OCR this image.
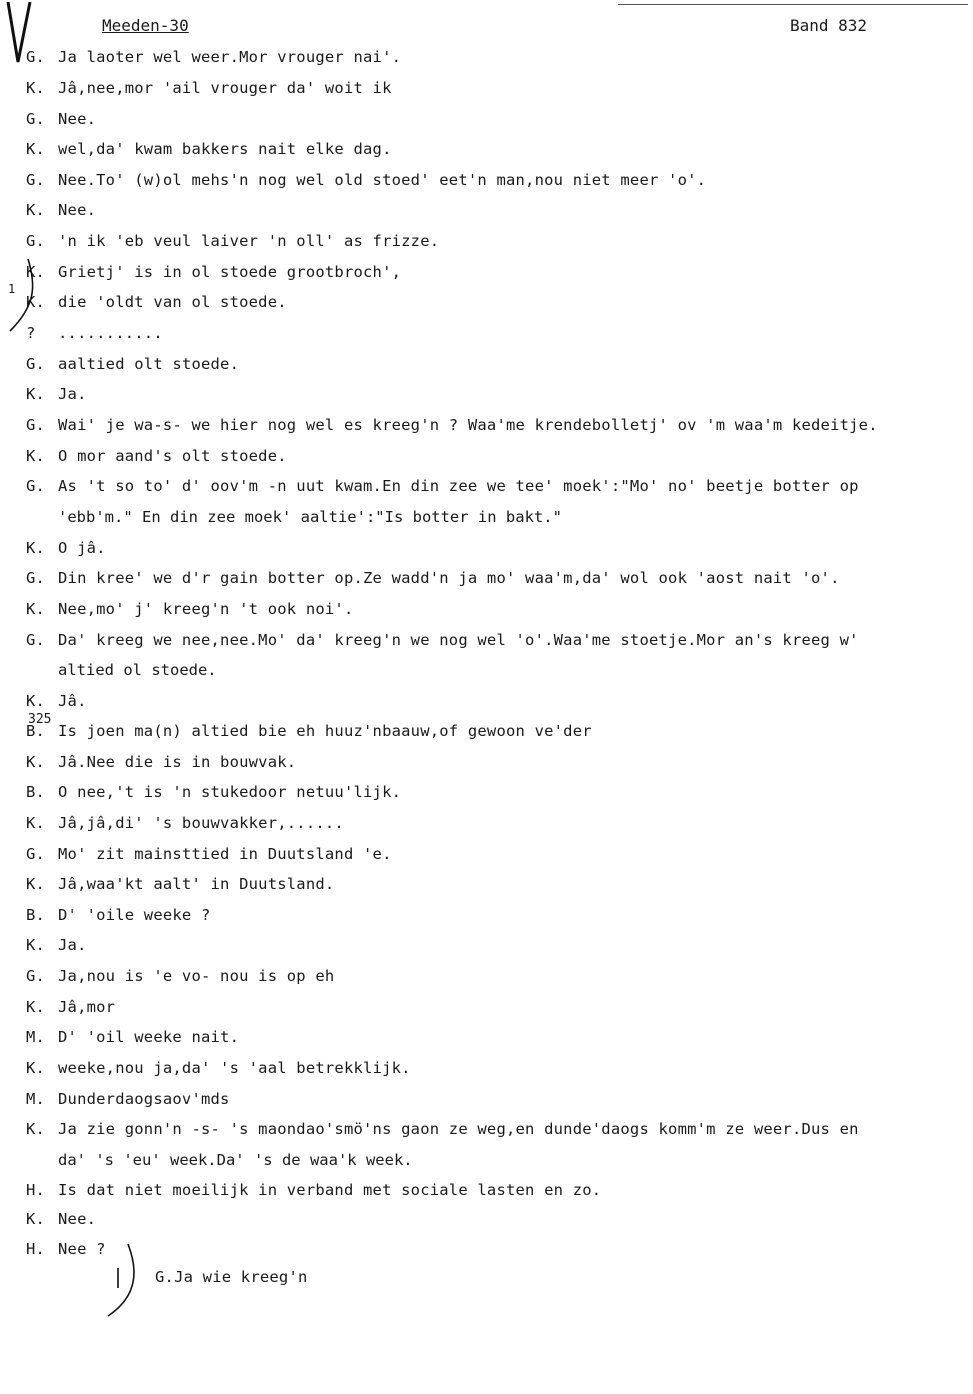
Meeden-30	Band 832
G. Ja laoter wel weer.Mor vrouger nai'.
K. Jâ,nee,mor 'ail vrouger da' woit ik
G. Nee.
K. wel,da' kwam bakkers nait elke dag.
G. Nee.To' (w)ol mehs'n nog wel old stoed' eet'n man,nou niet meer 'o'.
K. Nee.
G. 'n ik 'eb veul laiver 'n oll' as frizze.
K. Grietj' is in ol stoede grootbroch',
K. die 'oldt van ol stoede.
? ...........
G. aaltied olt stoede.
K. Ja.
G. Wai' je wa-s- we hier nog wel es kreeg'n ? Waa'me krendebolletj' ov 'm waa'm kedeitje.
K. O mor aand's olt stoede.
G. As 't so to' d' oov'm -n uut kwam.En din zee we tee' moek':"Mo' no' beetje botter op
'ebb'm." En din zee moek' aaltie':"Is botter in bakt."
K. O jâ.
G. Din kree' we d'r gain botter op.Ze wadd'n ja mo' waa'm,da' wol ook 'aost nait 'o'.
K. Nee,mo' j' kreeg'n 't ook noi'.
G. Da' kreeg we nee,nee.Mo' da' kreeg'n we nog wel 'o'.Waa'me stoetje.Mor an's kreeg w'
altied ol stoede.
K. Jâ.
B. Is joen ma(n) altied bie eh huuz'nbaauw,of gewoon ve'der
K. Jâ.Nee die is in bouwvak.
B. O nee,'t is 'n stukedoor netuu'lijk.
K. Jâ,jâ,di' 's bouwvakker,......
G. Mo' zit mainsttied in Duutsland 'e.
K. Jâ,waa'kt aalt' in Duutsland.
B. D' 'oile weeke ?
K. Ja.
G. Ja,nou is 'e vo- nou is op eh
K. Jâ,mor
M. D' 'oil weeke nait.
K. weeke,nou ja,da' 's 'aal betrekklijk.
M. Dunderdaogsaov'mds
K. Ja zie gonn'n -s- 's maondao'smö'ns gaon ze weg,en dunde'daogs komm'm ze weer.Dus en
da' 's 'eu' week.Da' 's de waa'k week.
H. Is dat niet moeilijk in verband met sociale lasten en zo.
K. Nee.
H. Nee ?
1
325
G.Ja wie kreeg'n
